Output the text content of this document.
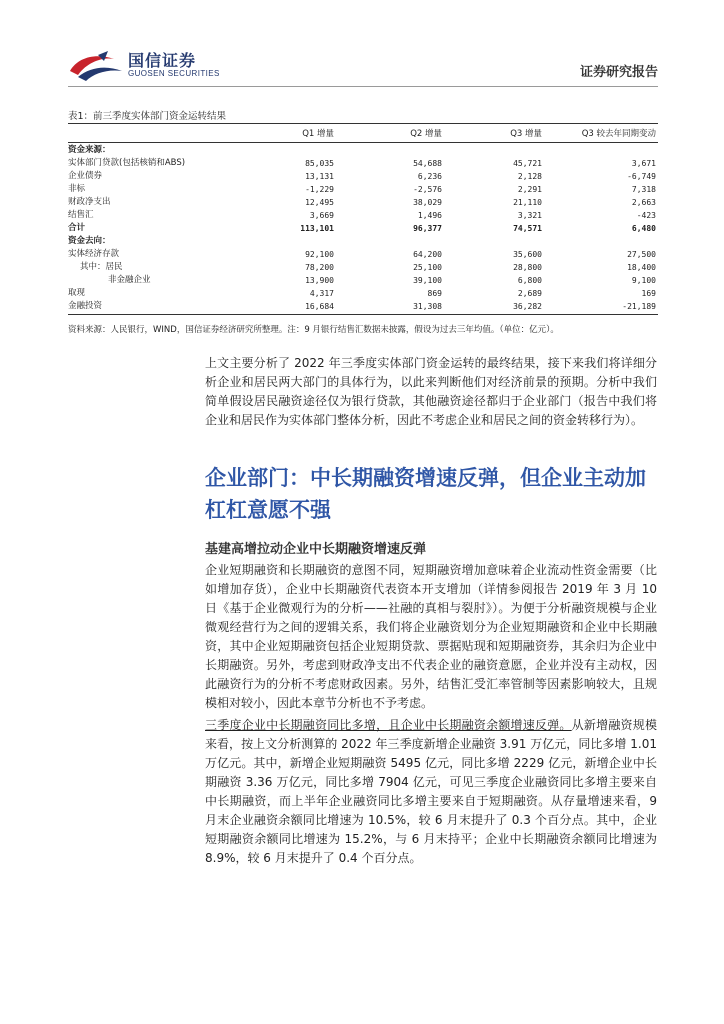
国信证券
GUOSEN SECURITIES	证券研究报告
表1：前三季度实体部门资金运转结果
Q1 增量	Q2 增量	Q3 增量	Q3 较去年同期变动
资金来源：
实体部门贷款(包括核销和ABS)	85,035	54,688	45,721	3,671
企业债券	13,131	6,236	2,128	-6,749
非标	-1,229	-2,576	2,291	7,318
财政净支出	12,495	38,029	21,110	2,663
结售汇	3,669	1,496	3,321	-423
合计	113,101	96,377	74,571	6,480
资金去向：
实体经济存款	92,100	64,200	35,600	27,500
其中：居民	78,200	25,100	28,800	18,400
非金融企业	13,900	39,100	6,800	9,100
取现	4,317	869	2,689	169
金融投资	16,684	31,308	36,282	-21,189
资料来源：人民银行，WIND，国信证券经济研究所整理。注：9 月银行结售汇数据未披露，假设为过去三年均值。（单位：亿元）。
上文主要分析了 2022 年三季度实体部门资金运转的最终结果，接下来我们将详细分析企业和居民两大部门的具体行为，以此来判断他们对经济前景的预期。分析中我们简单假设居民融资途径仅为银行贷款，其他融资途径都归于企业部门（报告中我们将企业和居民作为实体部门整体分析，因此不考虑企业和居民之间的资金转移行为）。
企业部门：中长期融资增速反弹，但企业主动加杠杠意愿不强
基建高增拉动企业中长期融资增速反弹
企业短期融资和长期融资的意图不同，短期融资增加意味着企业流动性资金需要（比如增加存货），企业中长期融资代表资本开支增加（详情参阅报告 2019 年 3 月 10 日《基于企业微观行为的分析——社融的真相与裂肘》）。为便于分析融资规模与企业微观经营行为之间的逻辑关系，我们将企业融资划分为企业短期融资和企业中长期融资，其中企业短期融资包括企业短期贷款、票据贴现和短期融资券，其余归为企业中长期融资。另外，考虑到财政净支出不代表企业的融资意愿，企业并没有主动权，因此融资行为的分析不考虑财政因素。另外，结售汇受汇率管制等因素影响较大，且规模相对较小，因此本章节分析也不予考虑。
三季度企业中长期融资同比多增，且企业中长期融资余额增速反弹。从新增融资规模来看，按上文分析测算的 2022 年三季度新增企业融资 3.91 万亿元，同比多增 1.01 万亿元。其中，新增企业短期融资 5495 亿元，同比多增 2229 亿元，新增企业中长期融资 3.36 万亿元，同比多增 7904 亿元，可见三季度企业融资同比多增主要来自中长期融资，而上半年企业融资同比多增主要来自于短期融资。从存量增速来看，9 月末企业融资余额同比增速为 10.5%，较 6 月末提升了 0.3 个百分点。其中，企业短期融资余额同比增速为 15.2%，与 6 月末持平；企业中长期融资余额同比增速为 8.9%，较 6 月末提升了 0.4 个百分点。
